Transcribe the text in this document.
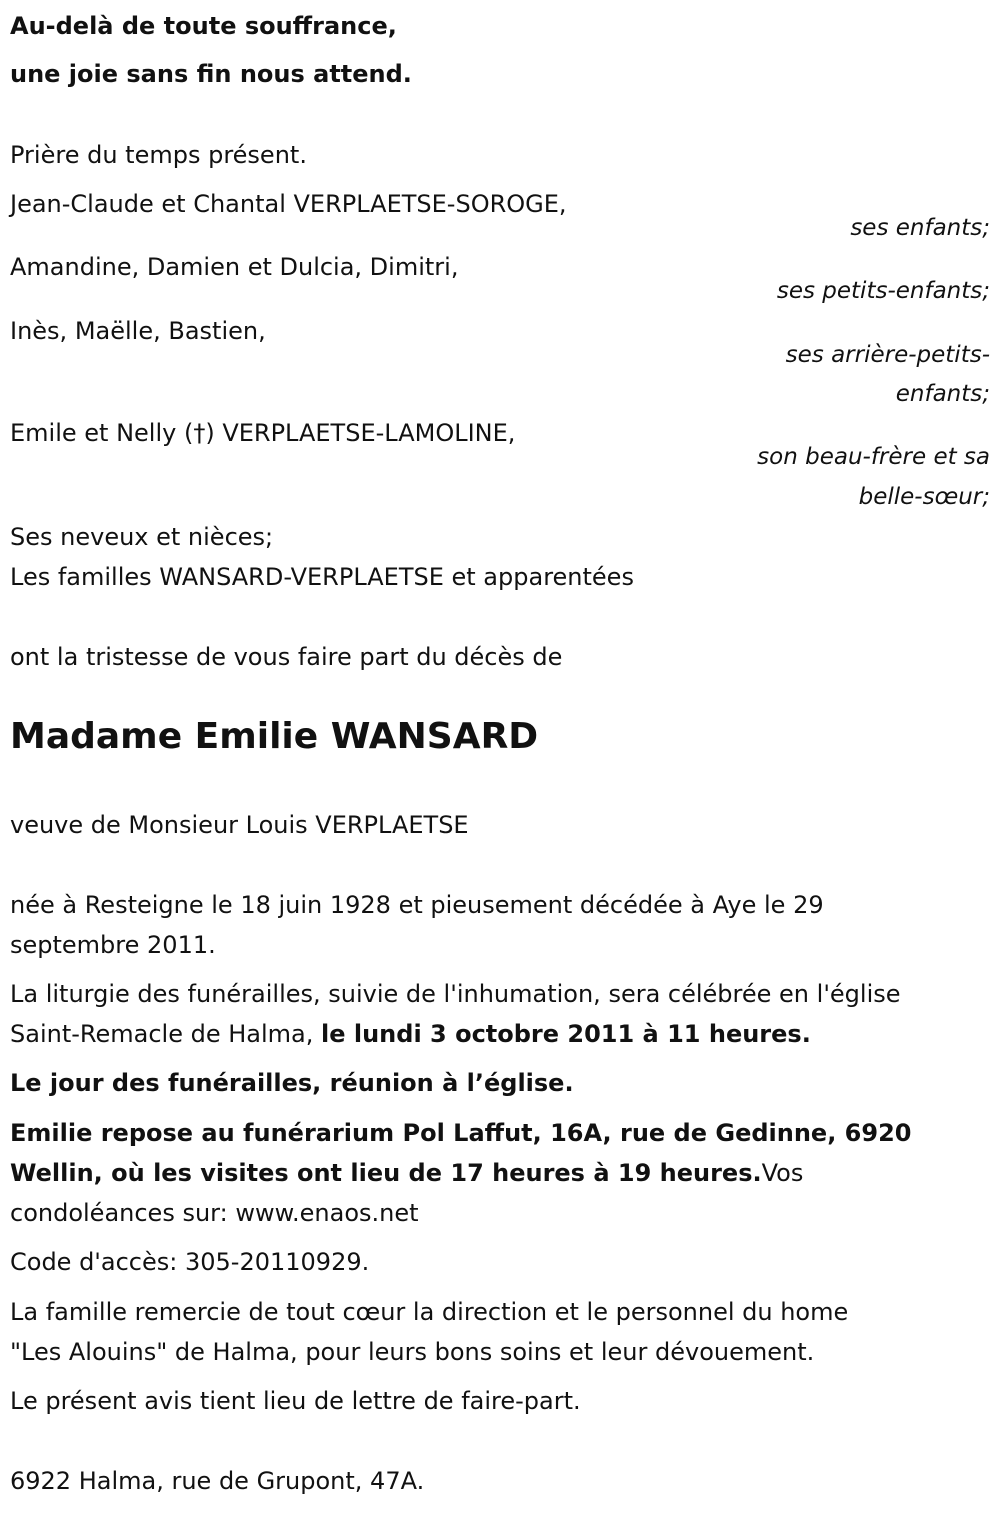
Au-delà de toute souffrance,

une joie sans fin nous attend.

Prière du temps présent.

Jean-Claude et Chantal VERPLAETSE-SOROGE,

ses enfants;

Amandine, Damien et Dulcia, Dimitri,

ses petits-enfants;

Inès, Maëlle, Bastien,

ses arrière-petits-

enfants;

Emile et Nelly (†) VERPLAETSE-LAMOLINE,

son beau-frère et sa

belle-sœur;

Ses neveux et nièces;

Les familles WANSARD-VERPLAETSE et apparentées

ont la tristesse de vous faire part du décès de

Madame Emilie WANSARD

veuve de Monsieur Louis VERPLAETSE

née à Resteigne le 18 juin 1928 et pieusement décédée à Aye le 29

septembre 2011.

La liturgie des funérailles, suivie de l'inhumation, sera célébrée en l'église

Saint-Remacle de Halma, le lundi 3 octobre 2011 à 11 heures.

Le jour des funérailles, réunion à l’église.

Emilie repose au funérarium Pol Laffut, 16A, rue de Gedinne, 6920

Wellin, où les visites ont lieu de 17 heures à 19 heures.Vos

condoléances sur: www.enaos.net

Code d'accès: 305-20110929.

La famille remercie de tout cœur la direction et le personnel du home

"Les Alouins" de Halma, pour leurs bons soins et leur dévouement.

Le présent avis tient lieu de lettre de faire-part.

6922 Halma, rue de Grupont, 47A.
